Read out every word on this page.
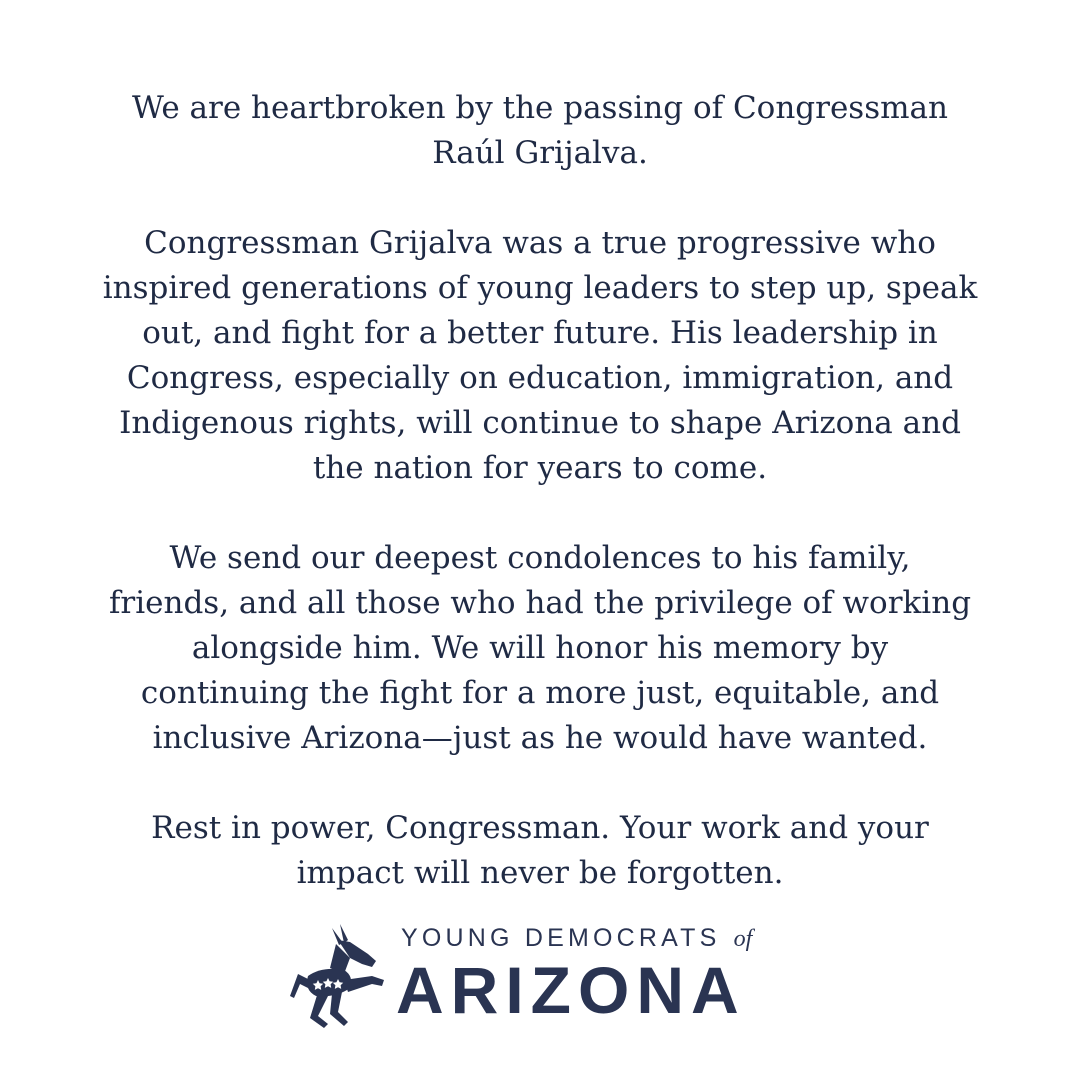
We are heartbroken by the passing of Congressman
Raúl Grijalva.

Congressman Grijalva was a true progressive who
inspired generations of young leaders to step up, speak
out, and fight for a better future. His leadership in
Congress, especially on education, immigration, and
Indigenous rights, will continue to shape Arizona and
the nation for years to come.

We send our deepest condolences to his family,
friends, and all those who had the privilege of working
alongside him. We will honor his memory by
continuing the fight for a more just, equitable, and
inclusive Arizona—just as he would have wanted.

Rest in power, Congressman. Your work and your
impact will never be forgotten.

YOUNG DEMOCRATS of
ARIZONA
